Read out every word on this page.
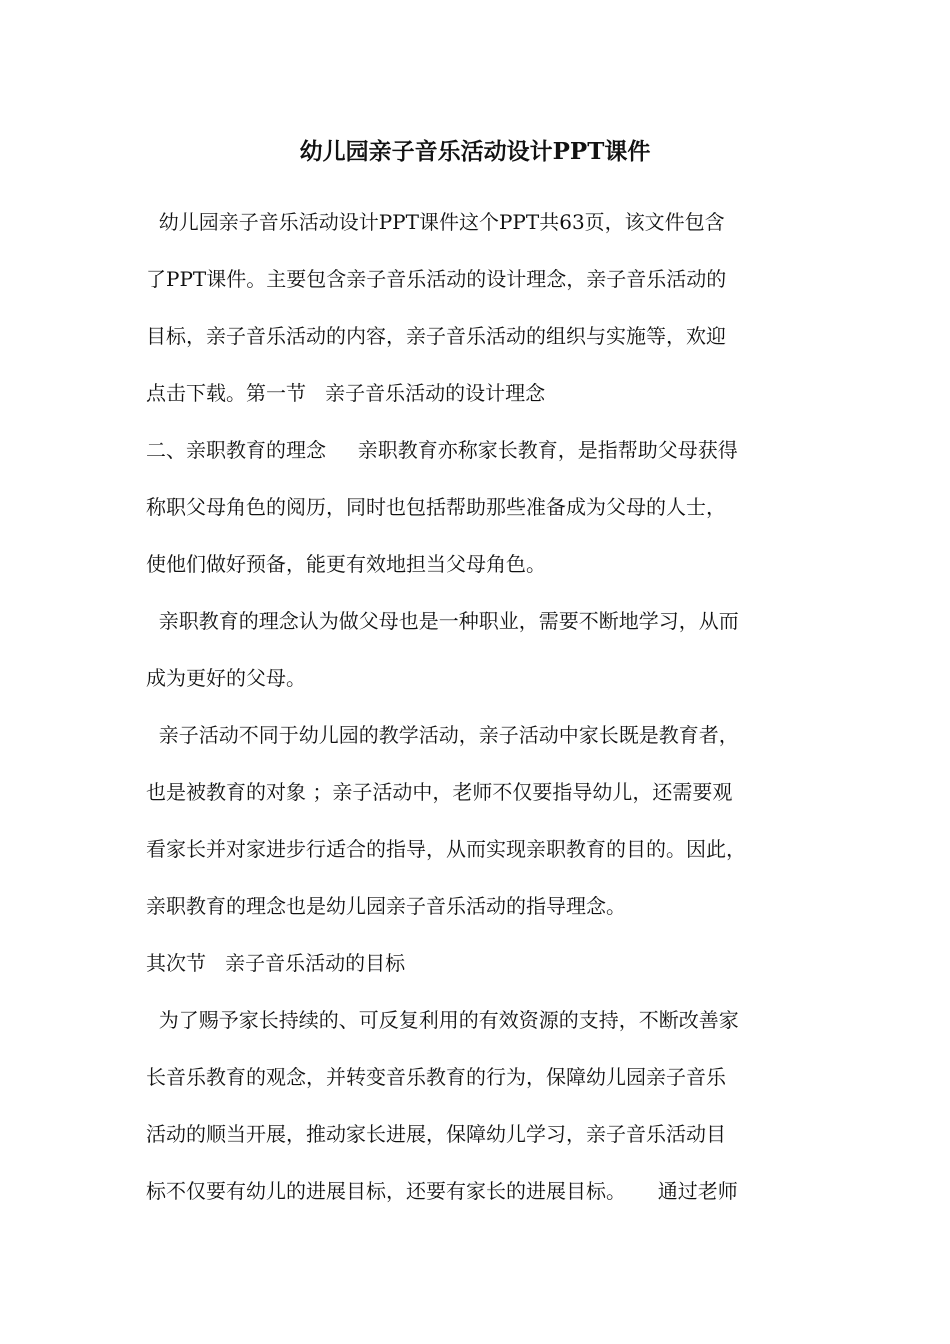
幼儿园亲子音乐活动设计PPT课件
幼儿园亲子音乐活动设计PPT课件这个PPT共63页，该文件包含
了PPT课件。主要包含亲子音乐活动的设计理念，亲子音乐活动的
目标，亲子音乐活动的内容，亲子音乐活动的组织与实施等，欢迎
点击下载。第一节   亲子音乐活动的设计理念
二、亲职教育的理念     亲职教育亦称家长教育，是指帮助父母获得
称职父母角色的阅历，同时也包括帮助那些准备成为父母的人士，
使他们做好预备，能更有效地担当父母角色。
亲职教育的理念认为做父母也是一种职业，需要不断地学习，从而
成为更好的父母。
亲子活动不同于幼儿园的教学活动，亲子活动中家长既是教育者，
也是被教育的对象 ；亲子活动中，老师不仅要指导幼儿，还需要观
看家长并对家进步行适合的指导，从而实现亲职教育的目的。因此，
亲职教育的理念也是幼儿园亲子音乐活动的指导理念。
其次节   亲子音乐活动的目标
为了赐予家长持续的、可反复利用的有效资源的支持，不断改善家
长音乐教育的观念，并转变音乐教育的行为，保障幼儿园亲子音乐
活动的顺当开展，推动家长进展，保障幼儿学习，亲子音乐活动目
标不仅要有幼儿的进展目标，还要有家长的进展目标。     通过老师
